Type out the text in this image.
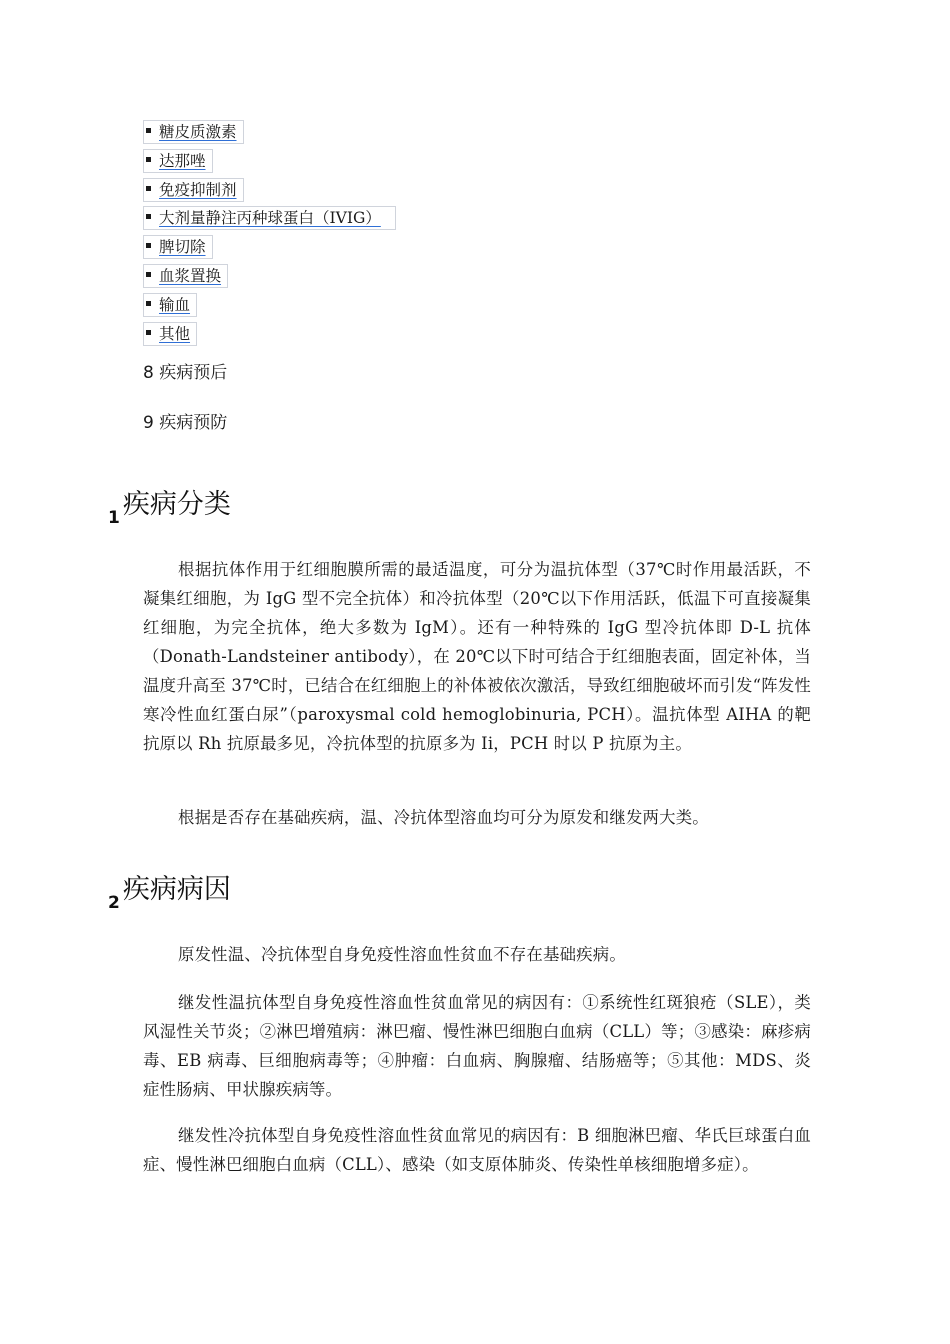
糖皮质激素
达那唑
免疫抑制剂
大剂量静注丙种球蛋白（IVIG）
脾切除
血浆置换
输血
其他
8 疾病预后
9 疾病预防
1 疾病分类

根据抗体作用于红细胞膜所需的最适温度，可分为温抗体型（37℃时作用最活跃，不凝集红细胞，为 IgG 型不完全抗体）和冷抗体型（20℃以下作用活跃，低温下可直接凝集红细胞，为完全抗体，绝大多数为 IgM）。还有一种特殊的 IgG 型冷抗体即 D-L 抗体（Donath-Landsteiner antibody），在 20℃以下时可结合于红细胞表面，固定补体，当温度升高至 37℃时，已结合在红细胞上的补体被依次激活，导致红细胞破坏而引发“阵发性寒冷性血红蛋白尿”（paroxysmal cold hemoglobinuria, PCH）。温抗体型 AIHA 的靶抗原以 Rh 抗原最多见，冷抗体型的抗原多为 Ii，PCH 时以 P 抗原为主。

根据是否存在基础疾病，温、冷抗体型溶血均可分为原发和继发两大类。

2 疾病病因

原发性温、冷抗体型自身免疫性溶血性贫血不存在基础疾病。

继发性温抗体型自身免疫性溶血性贫血常见的病因有：①系统性红斑狼疮（SLE），类风湿性关节炎；②淋巴增殖病：淋巴瘤、慢性淋巴细胞白血病（CLL）等；③感染：麻疹病毒、EB 病毒、巨细胞病毒等；④肿瘤：白血病、胸腺瘤、结肠癌等；⑤其他：MDS、炎症性肠病、甲状腺疾病等。

继发性冷抗体型自身免疫性溶血性贫血常见的病因有：B 细胞淋巴瘤、华氏巨球蛋白血症、慢性淋巴细胞白血病（CLL）、感染（如支原体肺炎、传染性单核细胞增多症）。
